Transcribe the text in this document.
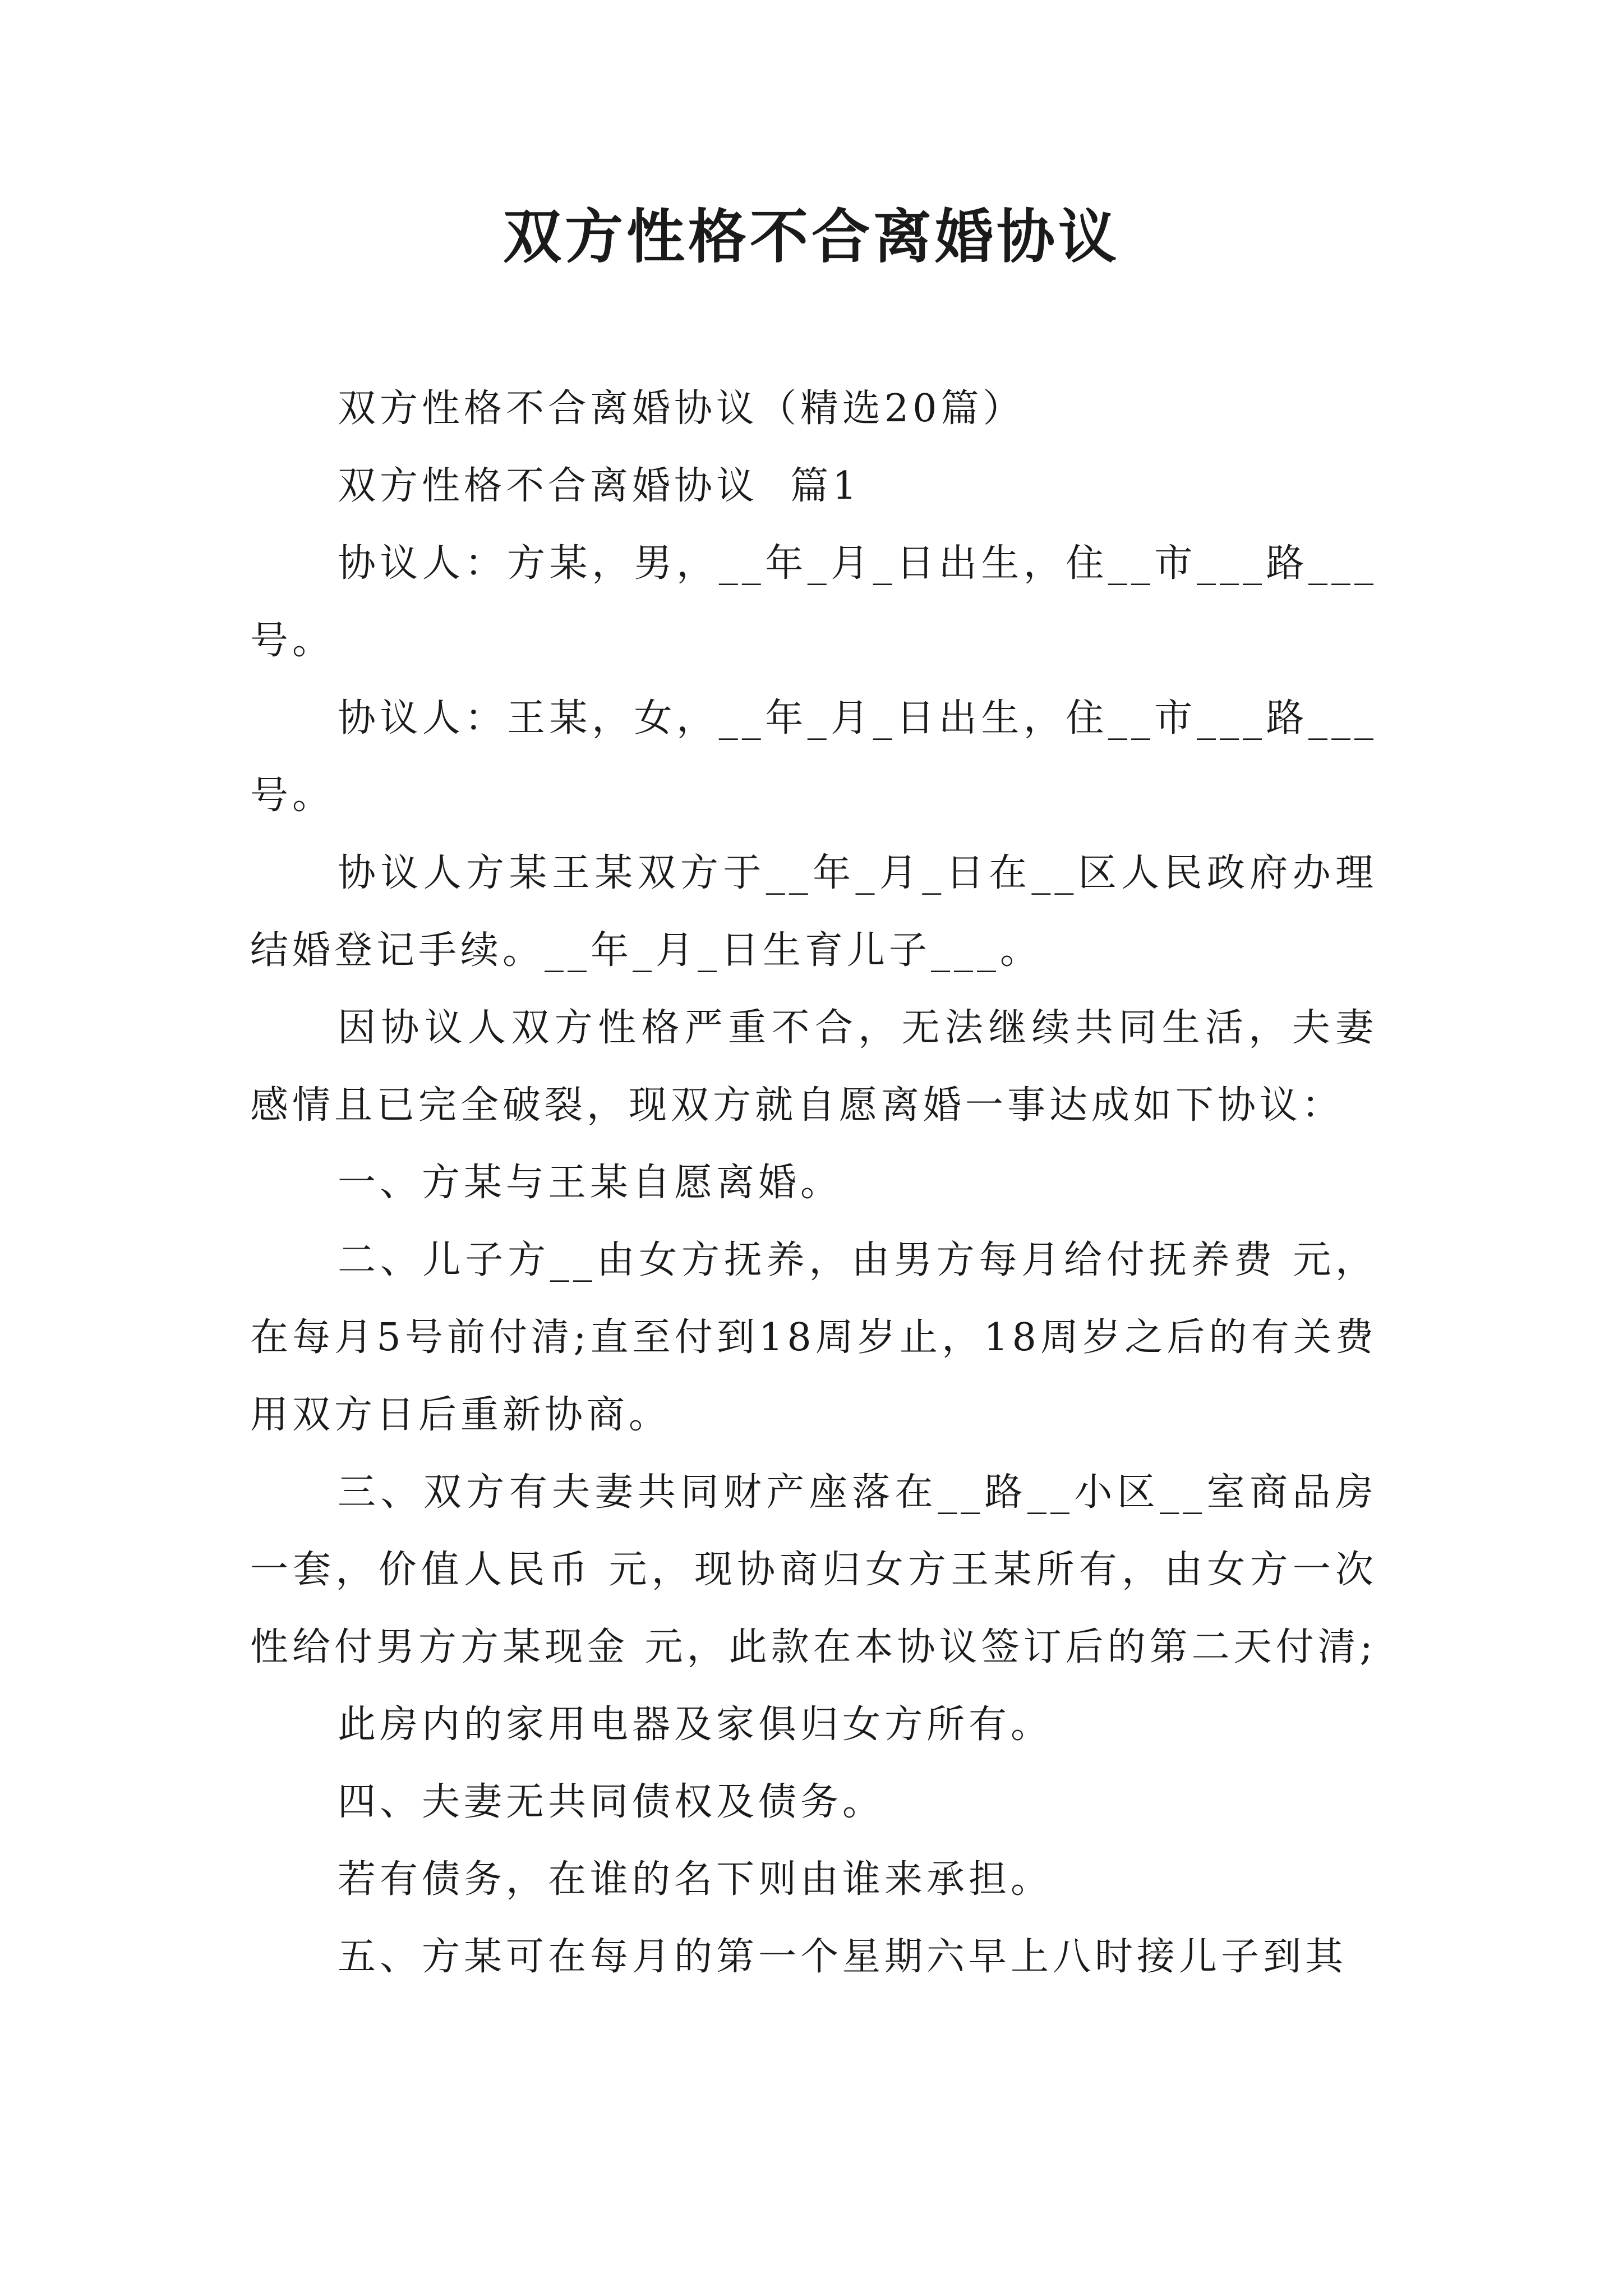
双方性格不合离婚协议

双方性格不合离婚协议（精选20篇）

双方性格不合离婚协议  篇1

协议人：方某，男，__年_月_日出生，住__市___路___号。

协议人：王某，女，__年_月_日出生，住__市___路___号。

协议人方某王某双方于__年_月_日在__区人民政府办理结婚登记手续。__年_月_日生育儿子___。

因协议人双方性格严重不合，无法继续共同生活，夫妻感情且已完全破裂，现双方就自愿离婚一事达成如下协议：

一、方某与王某自愿离婚。

二、儿子方__由女方抚养，由男方每月给付抚养费 元，在每月5号前付清;直至付到18周岁止，18周岁之后的有关费用双方日后重新协商。

三、双方有夫妻共同财产座落在__路__小区__室商品房一套，价值人民币 元，现协商归女方王某所有，由女方一次性给付男方方某现金 元，此款在本协议签订后的第二天付清;

此房内的家用电器及家俱归女方所有。

四、夫妻无共同债权及债务。

若有债务，在谁的名下则由谁来承担。

五、方某可在每月的第一个星期六早上八时接儿子到其
